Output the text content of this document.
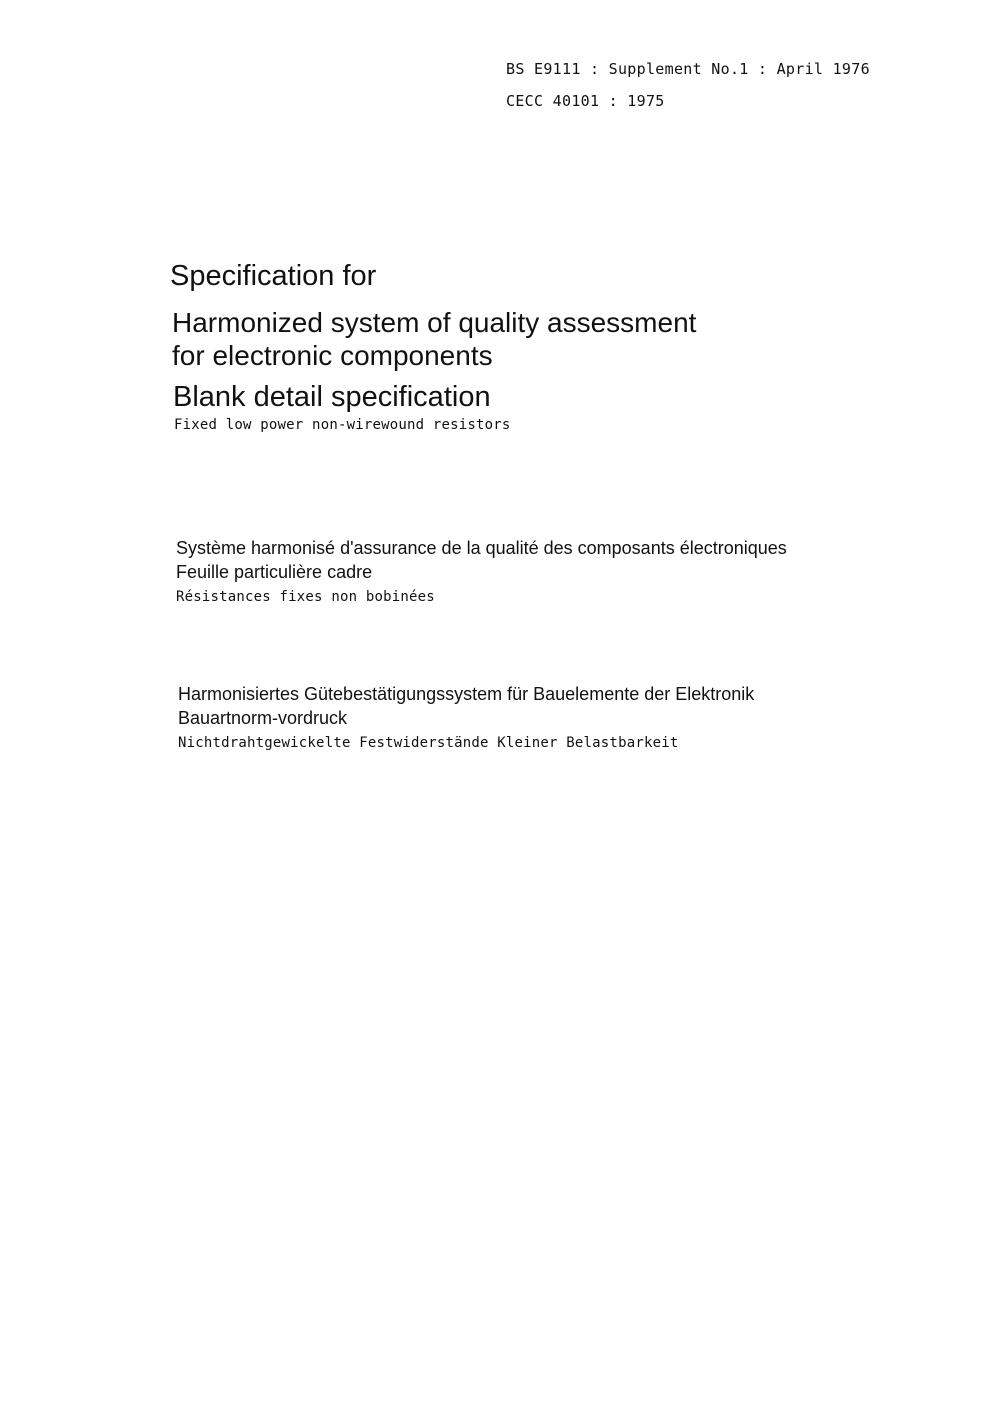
BS E9111 : Supplement No.1 : April 1976
CECC 40101 : 1975

Specification for

Harmonized system of quality assessment

for electronic components

Blank detail specification

Fixed low power non-wirewound resistors

Système harmonisé d'assurance de la qualité des composants électroniques

Feuille particulière cadre

Résistances fixes non bobinées

Harmonisiertes Gütebestätigungssystem für Bauelemente der Elektronik

Bauartnorm-vordruck

Nichtdrahtgewickelte Festwiderstände Kleiner Belastbarkeit
